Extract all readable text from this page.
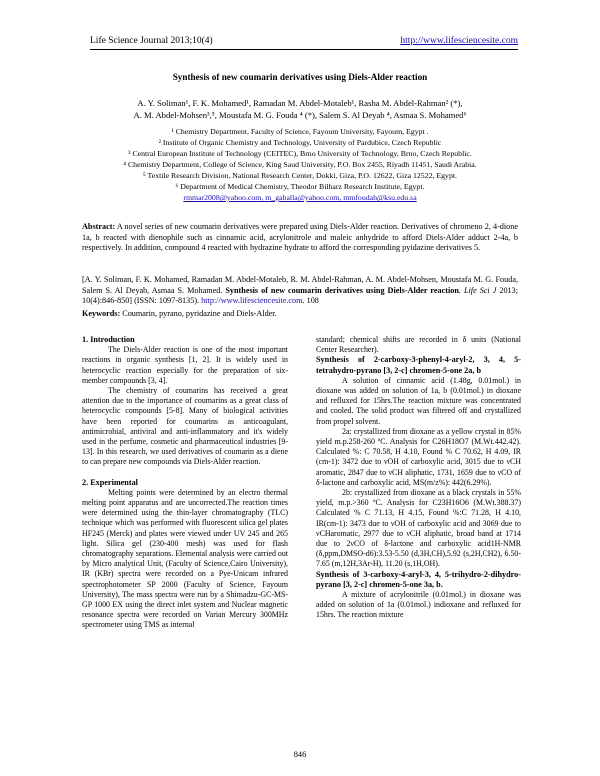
Life Science Journal 2013;10(4)	http://www.lifesciencesite.com
Synthesis of new coumarin derivatives using Diels-Alder reaction
A. Y. Soliman¹, F. K. Mohamed¹, Ramadan M. Abdel-Motaleb¹, Rasha M. Abdel-Rahman² (*),
A. M. Abdel-Mohsen³,⁵, Moustafa M. G. Fouda ⁴ (*), Salem S. Al Deyab ⁴, Asmaa S. Mohamed⁶
¹ Chemistry Department, Faculty of Science, Fayoum University, Fayoum, Egypt .
² Institute of Organic Chemistry and Technology, University of Pardubice, Czech Republic
³ Central European Institute of Technology (CEITEC), Brno University of Technology, Brno, Czech Republic.
⁴ Chemistry Department, College of Science, King Saud University, P.O. Box 2455, Riyadh 11451, Saudi Arabia.
⁵ Textile Research Division, National Research Center, Dokki, Giza, P.O. 12622, Giza 12522, Egypt.
⁶ Department of Medical Chemistry, Theodor Bilharz Research Institute, Egypt.
rmmar2008@yahoo.com, m_gaballa@yahoo.com, mmfoudah@ksu.edu.sa
Abstract: A novel series of new coumarin derivatives were prepared using Diels-Alder reaction. Derivatives of chromeno 2, 4-dione 1a, b reacted with dienophile such as cinnamic acid, acrylonitrole and maleic anhydride to afford Diels-Alder adduct 2-4a, b respectively. In addition, compound 4 reacted with hydrazine hydrate to afford the corresponding pyidazine derivatives 5.
[A. Y. Soliman, F. K. Mohamed, Ramadan M. Abdel-Motaleb, R. M. Abdel-Rahman, A. M. Abdel-Mohsen, Moustafa M. G. Fouda, Salem S. Al Deyab, Asmaa S. Mohamed. Synthesis of new coumarin derivatives using Diels-Alder reaction. Life Sci J 2013; 10(4):846-850] (ISSN: 1097-8135). http://www.lifesciencesite.com. 108
Keywords: Coumarin, pyrano, pyridazine and Diels-Alder.
1. Introduction

The Diels-Alder reaction is one of the most important reactions in organic synthesis [1, 2]. It is widely used in heterocyclic reaction especially for the preparation of six-member compounds [3, 4].

The chemistry of coumarins has received a great attention due to the importance of coumarins as a great class of heterocyclic compounds [5-8]. Many of biological activities have been reported for coumarins as anticoagulant, antimicrobial, antiviral and anti-inflammatory and it's widely used in the perfume, cosmetic and pharmaceutical industries [9-13]. In this research, we used derivatives of coumarin as a diene to can prepare new compounds via Diels-Alder reaction.

2. Experimental

Melting points were determined by an electro thermal melting point apparatus and are uncorrected.The reaction times were determined using the thin-layer chromatography (TLC) technique which was performed with fluorescent silica gel plates HF245 (Merck) and plates were viewed under UV 245 and 265 light. Silica gel (230-400 mesh) was used for flash chromatography separations. Elemental analysis were carried out by Micro analytical Unit, (Faculty of Science,Cairo University), IR (KBr) spectra were recorded on a Pye-Unicam infrared spectrophotometer SP 2000 (Faculty of Science, Fayoum University), The mass spectra were run by a Shimadzu-GC-MS-GP 1000 EX using the direct inlet system and Nuclear magnetic resonance spectra were recorded on Varian Mercury 300MHz spectrometer using TMS as internal

standard; chemical shifts are recorded in δ units (National Center Researcher).

Synthesis of 2-carboxy-3-phenyl-4-aryl-2, 3, 4, 5-tetrahydro-pyrano [3, 2-c] chromen-5-one 2a, b

A solution of cinnamic acid (1.48g, 0.01mol.) in dioxane was added on solution of 1a, b (0.01mol.) in dioxane and refluxed for 15hrs.The reaction mixture was concentrated and cooled. The solid product was filtered off and crystallized from propel solvent.

2a: crystallized from dioxane as a yellow crystal in 85% yield m.p.258-260 ºC. Analysis for C26H18O7 (M.Wt.442.42). Calculated %: C 70.58, H 4.10, Found % C 70.62, H 4.09, IR (cm-1): 3472 due to νOH of carboxylic acid, 3015 due to νCH aromatic, 2847 due to νCH aliphatic, 1731, 1659 due to νCO of δ-lactone and carboxylic acid, MS(m/z%): 442(6.29%).

2b: crystallized from dioxane as a black crystals in 55% yield, m.p.>360 ºC. Analysis for C23H16O6 (M.Wt.388.37) Calculated % C 71.13, H 4.15, Found %:C 71.28, H 4.10, IR(cm-1): 3473 due to νOH of carboxylic acid and 3069 due to νCHaromatic, 2977 due to νCH aliphatic, broad band at 1714 due to 2νCO of δ-lactone and carboxylic acid1H-NMR (δ,ppm,DMSO-d6):3.53-5.50 (d,3H,CH),5.92 (s,2H,CH2), 6.50-7.65 (m,12H,3Ar-H), 11.20 (s,1H,OH).

Synthesis of 3-carboxy-4-aryl-3, 4, 5-trihydro-2-dihydro- pyrano [3, 2-c] chromen-5-one 3a, b.

A mixture of acrylonitrile (0.01mol.) in dioxane was added on solution of 1a (0.01mol.) indioxane and refluxed for 15hrs. The reaction mixture

846
